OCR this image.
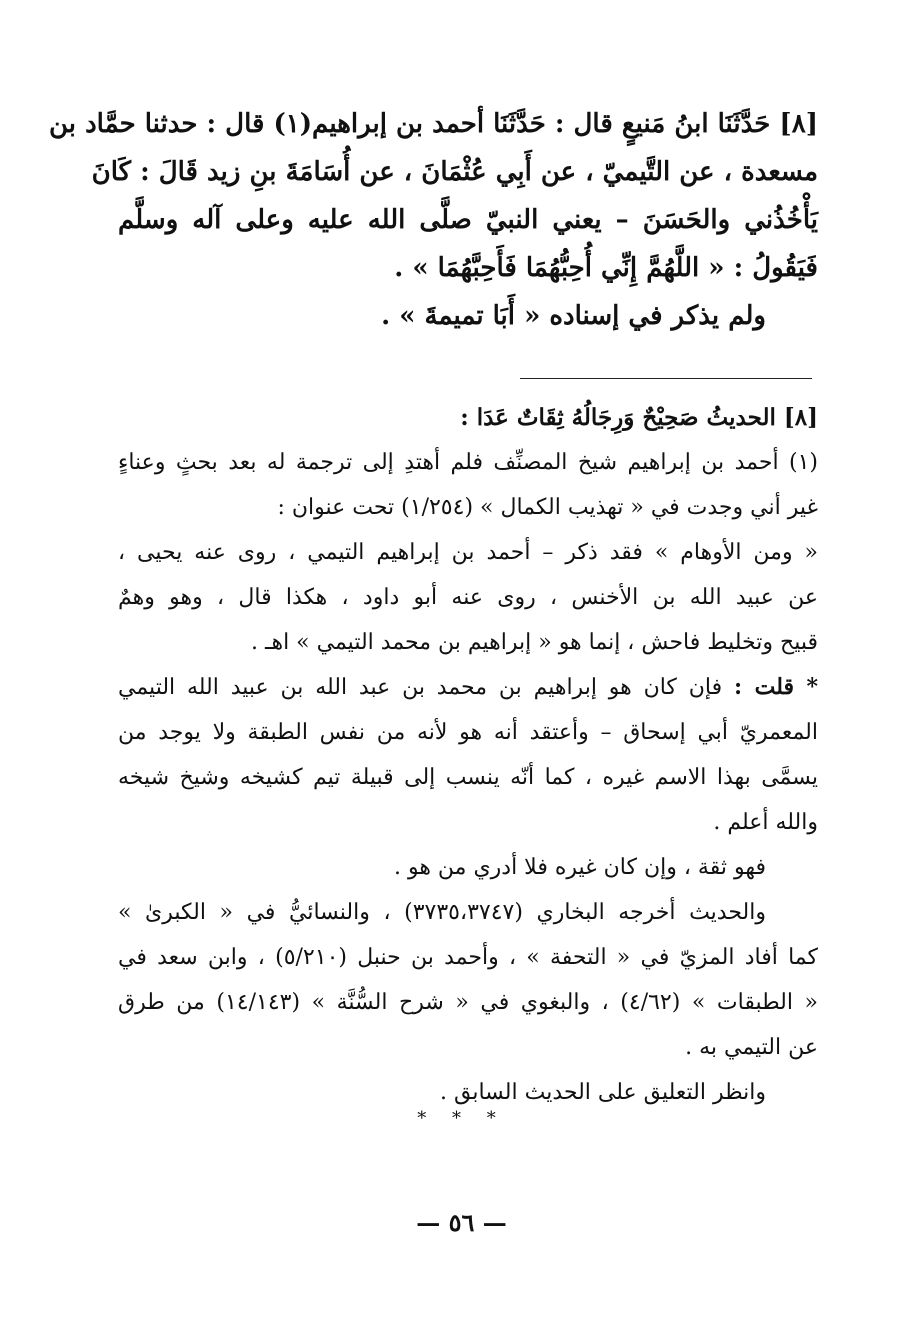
[٨] حَدَّثَنَا ابنُ مَنيعٍ قال : حَدَّثَنَا أحمد بن إبراهيم(١) قال : حدثنا حمَّاد بن
مسعدة ، عن التَّيميّ ، عن أَبِي عُثْمَانَ ، عن أُسَامَةَ بنِ زيد قَالَ : كَانَ
يَأْخُذُني والحَسَنَ – يعني النبيّ صلَّى الله عليه وعلى آله وسلَّم
فَيَقُولُ : « اللَّهُمَّ إِنِّي أُحِبُّهُمَا فَأَحِبَّهُمَا » .
ولم يذكر في إسناده « أَبَا تميمةَ » .
[٨] الحديثُ صَحِيْحٌ وَرِجَالُهُ ثِقَاتٌ عَدَا :
(١) أحمد بن إبراهيم شيخ المصنِّف فلم أهتدِ إلى ترجمة له بعد بحثٍ وعناءٍ
غير أني وجدت في « تهذيب الكمال » (١/٢٥٤) تحت عنوان :
« ومن الأوهام » فقد ذكر – أحمد بن إبراهيم التيمي ، روى عنه يحيى ،
عن عبيد الله بن الأخنس ، روى عنه أبو داود ، هكذا قال ، وهو وهمٌ
قبيح وتخليط فاحش ، إنما هو « إبراهيم بن محمد التيمي » اهـ .
* قلت : فإن كان هو إبراهيم بن محمد بن عبد الله بن عبيد الله التيمي
المعمريّ أبي إسحاق – وأعتقد أنه هو لأنه من نفس الطبقة ولا يوجد من
يسمَّى بهذا الاسم غيره ، كما أنّه ينسب إلى قبيلة تيم كشيخه وشيخ شيخه
والله أعلم .
فهو ثقة ، وإن كان غيره فلا أدري من هو .
والحديث أخرجه البخاري (٣٧٣٥،٣٧٤٧) ، والنسائيُّ في « الكبرىٰ »
كما أفاد المزيّ في « التحفة » ، وأحمد بن حنبل (٥/٢١٠) ، وابن سعد في
« الطبقات » (٤/٦٢) ، والبغوي في « شرح السُّنَّة » (١٤/١٤٣) من طرق
عن التيمي به .
وانظر التعليق على الحديث السابق .
* * *
— ٥٦ —
